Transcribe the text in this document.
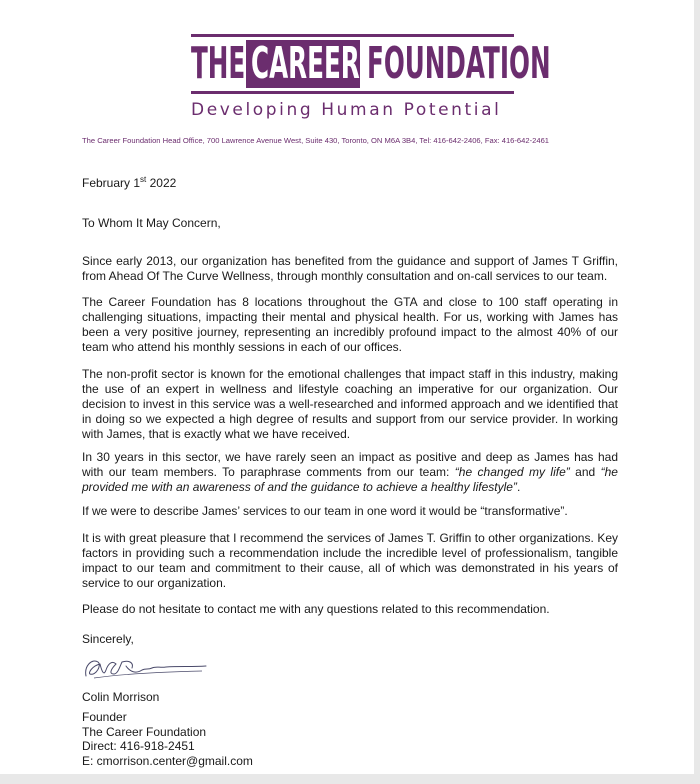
THE CAREER FOUNDATION
Developing Human Potential
The Career Foundation Head Office, 700 Lawrence Avenue West, Suite 430, Toronto, ON M6A 3B4, Tel: 416-642-2406, Fax: 416-642-2461
February 1st 2022
To Whom It May Concern,

Since early 2013, our organization has benefited from the guidance and support of James T Griffin, from Ahead Of The Curve Wellness, through monthly consultation and on-call services to our team.

The Career Foundation has 8 locations throughout the GTA and close to 100 staff operating in challenging situations, impacting their mental and physical health. For us, working with James has been a very positive journey, representing an incredibly profound impact to the almost 40% of our team who attend his monthly sessions in each of our offices.

The non-profit sector is known for the emotional challenges that impact staff in this industry, making the use of an expert in wellness and lifestyle coaching an imperative for our organization. Our decision to invest in this service was a well-researched and informed approach and we identified that in doing so we expected a high degree of results and support from our service provider. In working with James, that is exactly what we have received.

In 30 years in this sector, we have rarely seen an impact as positive and deep as James has had with our team members. To paraphrase comments from our team: “he changed my life” and “he provided me with an awareness of and the guidance to achieve a healthy lifestyle”.

If we were to describe James’ services to our team in one word it would be “transformative”.

It is with great pleasure that I recommend the services of James T. Griffin to other organizations. Key factors in providing such a recommendation include the incredible level of professionalism, tangible impact to our team and commitment to their cause, all of which was demonstrated in his years of service to our organization.

Please do not hesitate to contact me with any questions related to this recommendation.

Sincerely,
Colin Morrison
Founder
The Career Foundation
Direct: 416-918-2451
E: cmorrison.center@gmail.com
